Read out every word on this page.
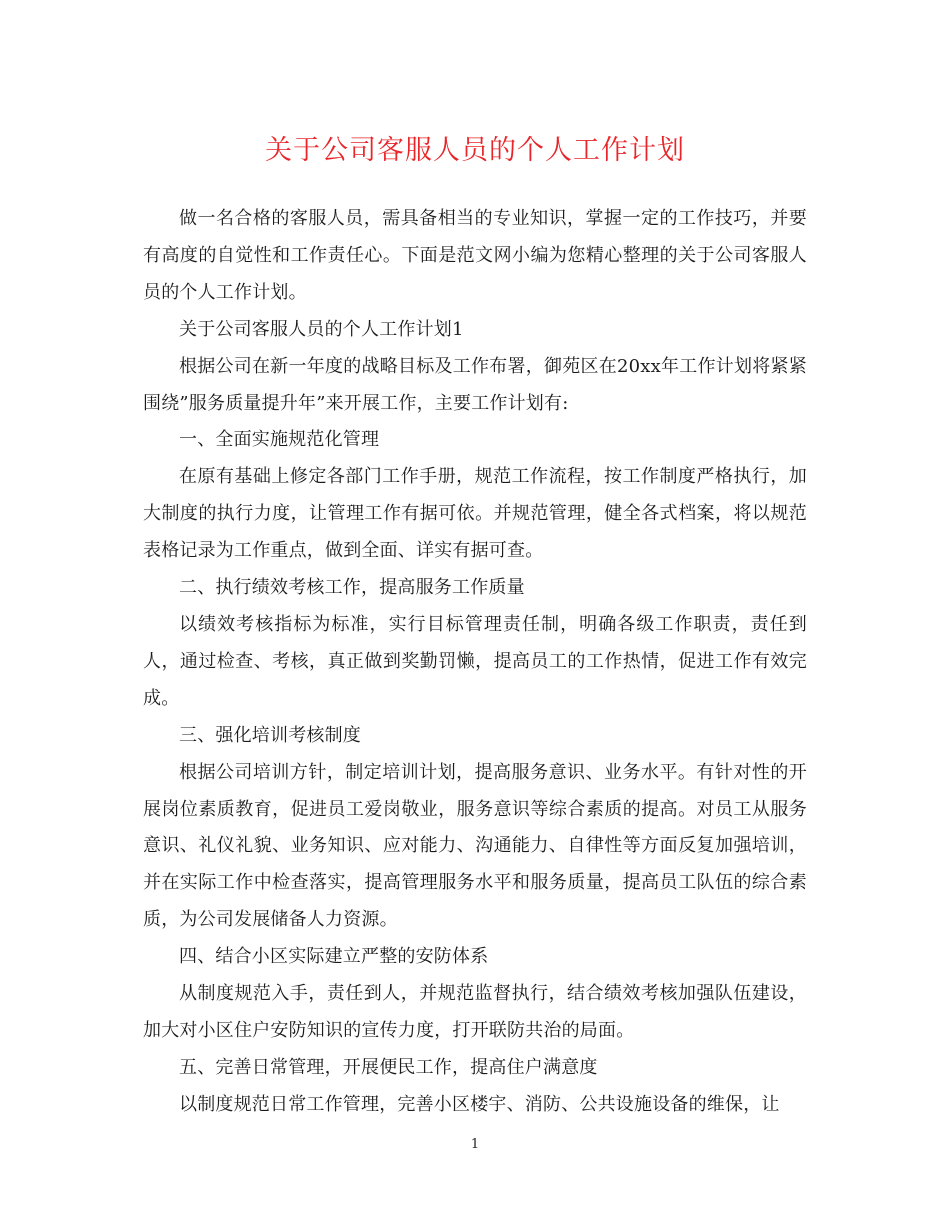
关于公司客服人员的个人工作计划

做一名合格的客服人员，需具备相当的专业知识，掌握一定的工作技巧，并要有高度的自觉性和工作责任心。下面是范文网小编为您精心整理的关于公司客服人员的个人工作计划。

关于公司客服人员的个人工作计划1

根据公司在新一年度的战略目标及工作布署，御苑区在20xx年工作计划将紧紧围绕”服务质量提升年”来开展工作，主要工作计划有:

一、全面实施规范化管理

在原有基础上修定各部门工作手册，规范工作流程，按工作制度严格执行，加大制度的执行力度，让管理工作有据可依。并规范管理，健全各式档案，将以规范表格记录为工作重点，做到全面、详实有据可查。

二、执行绩效考核工作，提高服务工作质量

以绩效考核指标为标准，实行目标管理责任制，明确各级工作职责，责任到人，通过检查、考核，真正做到奖勤罚懒，提高员工的工作热情，促进工作有效完成。

三、强化培训考核制度

根据公司培训方针，制定培训计划，提高服务意识、业务水平。有针对性的开展岗位素质教育，促进员工爱岗敬业，服务意识等综合素质的提高。对员工从服务意识、礼仪礼貌、业务知识、应对能力、沟通能力、自律性等方面反复加强培训，并在实际工作中检查落实，提高管理服务水平和服务质量，提高员工队伍的综合素质，为公司发展储备人力资源。

四、结合小区实际建立严整的安防体系

从制度规范入手，责任到人，并规范监督执行，结合绩效考核加强队伍建设，加大对小区住户安防知识的宣传力度，打开联防共治的局面。

五、完善日常管理，开展便民工作，提高住户满意度

以制度规范日常工作管理，完善小区楼宇、消防、公共设施设备的维保，让

1
